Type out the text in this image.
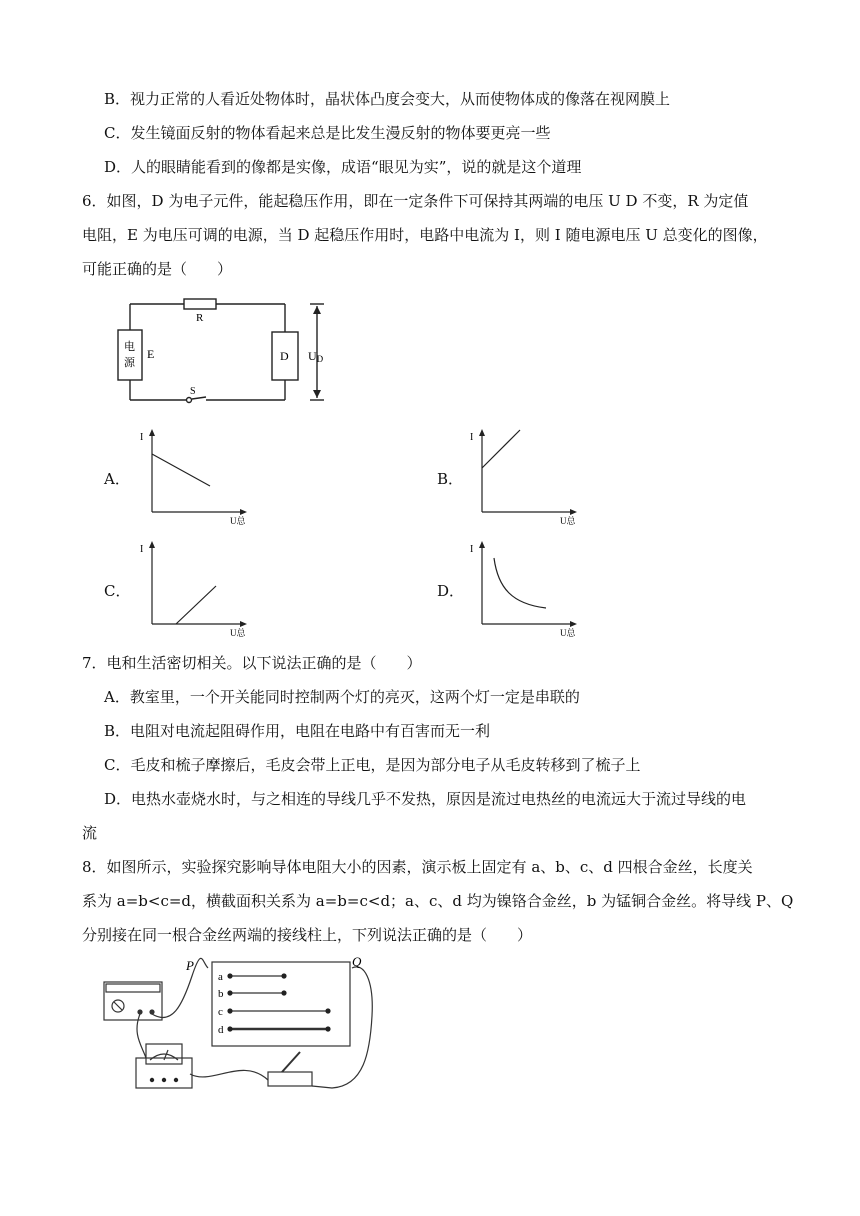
B．视力正常的人看近处物体时，晶状体凸度会变大，从而使物体成的像落在视网膜上
C．发生镜面反射的物体看起来总是比发生漫反射的物体要更亮一些
D．人的眼睛能看到的像都是实像，成语“眼见为实”，说的就是这个道理
6．如图，D 为电子元件，能起稳压作用，即在一定条件下可保持其两端的电压 U D 不变，R 为定值
电阻，E 为电压可调的电源，当 D 起稳压作用时，电路中电流为 I，则 I 随电源电压 U 总变化的图像，
可能正确的是（　　）
R
电
源
E	D
S
UD
A．
I
U总
B．
I
U总
C．
I
U总
D．
I
U总
7．电和生活密切相关。以下说法正确的是（　　）
A．教室里，一个开关能同时控制两个灯的亮灭，这两个灯一定是串联的
B．电阻对电流起阻碍作用，电阻在电路中有百害而无一利
C．毛皮和梳子摩擦后，毛皮会带上正电，是因为部分电子从毛皮转移到了梳子上
D．电热水壶烧水时，与之相连的导线几乎不发热，原因是流过电热丝的电流远大于流过导线的电
流
8．如图所示，实验探究影响导体电阻大小的因素，演示板上固定有 a、b、c、d 四根合金丝，长度关
系为 a=b<c=d，横截面积关系为 a=b=c<d；a、c、d 均为镍铬合金丝，b 为锰铜合金丝。将导线 P、Q
分别接在同一根合金丝两端的接线柱上，下列说法正确的是（　　）
P	Q
a
b
c
d
